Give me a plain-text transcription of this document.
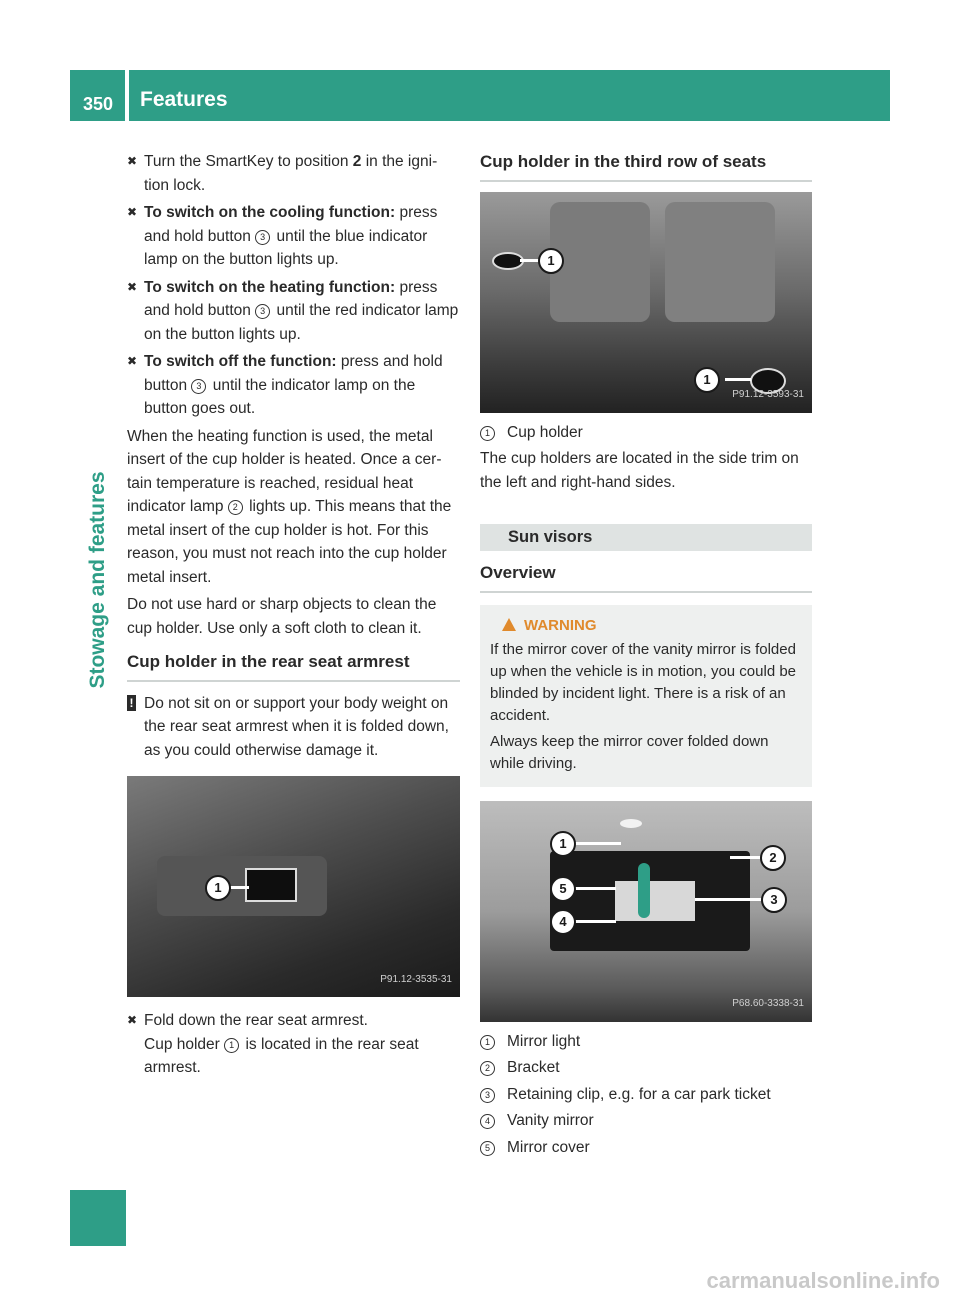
350 Features
Stowage and features
✖ Turn the SmartKey to position 2 in the igni-tion lock.
✖ To switch on the cooling function: press and hold button 3 until the blue indicator lamp on the button lights up.
✖ To switch on the heating function: press and hold button 3 until the red indicator lamp on the button lights up.
✖ To switch off the function: press and hold button 3 until the indicator lamp on the button goes out.

When the heating function is used, the metal insert of the cup holder is heated. Once a cer-tain temperature is reached, residual heat indicator lamp 2 lights up. This means that the metal insert of the cup holder is hot. For this reason, you must not reach into the cup holder metal insert.

Do not use hard or sharp objects to clean the cup holder. Use only a soft cloth to clean it.

Cup holder in the rear seat armrest
! Do not sit on or support your body weight on the rear seat armrest when it is folded down, as you could otherwise damage it.
1
P91.12-3535-31
✖ Fold down the rear seat armrest.
Cup holder 1 is located in the rear seat armrest.
Cup holder in the third row of seats
1
1
P91.12-3593-31
1 Cup holder

The cup holders are located in the side trim on the left and right-hand sides.

Sun visors
Overview
WARNING

If the mirror cover of the vanity mirror is folded up when the vehicle is in motion, you could be blinded by incident light. There is a risk of an accident.

Always keep the mirror cover folded down while driving.

1
2
3
4
5
P68.60-3338-31
1 Mirror light
2 Bracket
3 Retaining clip, e.g. for a car park ticket
4 Vanity mirror
5 Mirror cover
carmanualsonline.info
